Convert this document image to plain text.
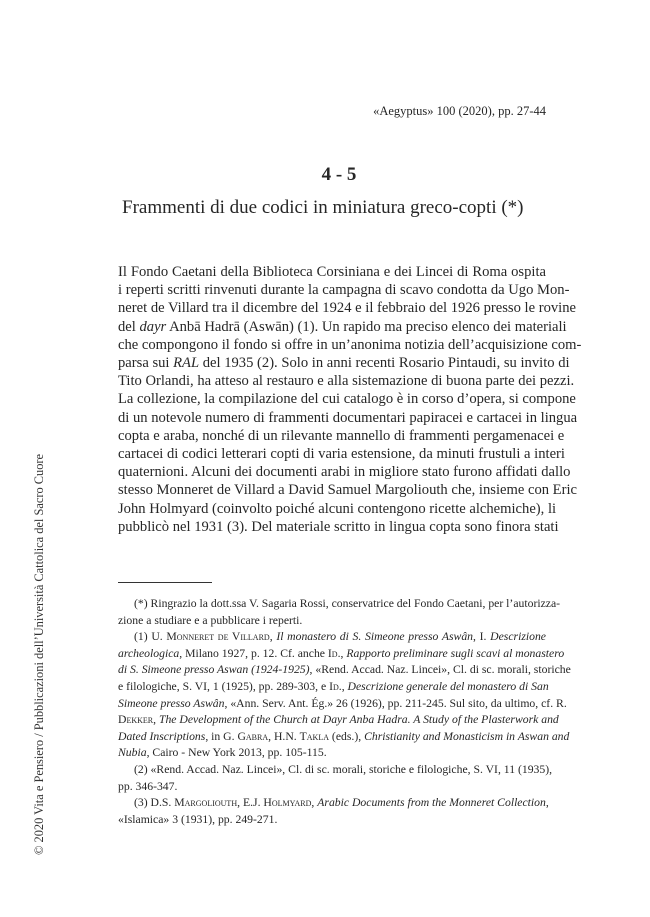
«Aegyptus» 100 (2020), pp. 27-44
4 - 5
Frammenti di due codici in miniatura greco-copti (*)
Il Fondo Caetani della Biblioteca Corsiniana e dei Lincei di Roma ospita
i reperti scritti rinvenuti durante la campagna di scavo condotta da Ugo Mon-
neret de Villard tra il dicembre del 1924 e il febbraio del 1926 presso le rovine
del dayr Anbā Hadrā (Aswān) (1). Un rapido ma preciso elenco dei materiali
che compongono il fondo si offre in un’anonima notizia dell’acquisizione com-
parsa sui RAL del 1935 (2). Solo in anni recenti Rosario Pintaudi, su invito di
Tito Orlandi, ha atteso al restauro e alla sistemazione di buona parte dei pezzi.
La collezione, la compilazione del cui catalogo è in corso d’opera, si compone
di un notevole numero di frammenti documentari papiracei e cartacei in lingua
copta e araba, nonché di un rilevante mannello di frammenti pergamenacei e
cartacei di codici letterari copti di varia estensione, da minuti frustuli a interi
quaternioni. Alcuni dei documenti arabi in migliore stato furono affidati dallo
stesso Monneret de Villard a David Samuel Margoliouth che, insieme con Eric
John Holmyard (coinvolto poiché alcuni contengono ricette alchemiche), li
pubblicò nel 1931 (3). Del materiale scritto in lingua copta sono finora stati
(*) Ringrazio la dott.ssa V. Sagaria Rossi, conservatrice del Fondo Caetani, per l’autorizza-
zione a studiare e a pubblicare i reperti.
(1) U. Monneret de Villard, Il monastero di S. Simeone presso Aswân, I. Descrizione
archeologica, Milano 1927, p. 12. Cf. anche Id., Rapporto preliminare sugli scavi al monastero
di S. Simeone presso Aswan (1924-1925), «Rend. Accad. Naz. Lincei», Cl. di sc. morali, storiche
e filologiche, S. VI, 1 (1925), pp. 289-303, e Id., Descrizione generale del monastero di San
Simeone presso Aswân, «Ann. Serv. Ant. Ég.» 26 (1926), pp. 211-245. Sul sito, da ultimo, cf. R.
Dekker, The Development of the Church at Dayr Anba Hadra. A Study of the Plasterwork and
Dated Inscriptions, in G. Gabra, H.N. Takla (eds.), Christianity and Monasticism in Aswan and
Nubia, Cairo - New York 2013, pp. 105-115.
(2) «Rend. Accad. Naz. Lincei», Cl. di sc. morali, storiche e filologiche, S. VI, 11 (1935),
pp. 346-347.
(3) D.S. Margoliouth, E.J. Holmyard, Arabic Documents from the Monneret Collection,
«Islamica» 3 (1931), pp. 249-271.
© 2020 Vita e Pensiero / Pubblicazioni dell’Università Cattolica del Sacro Cuore
